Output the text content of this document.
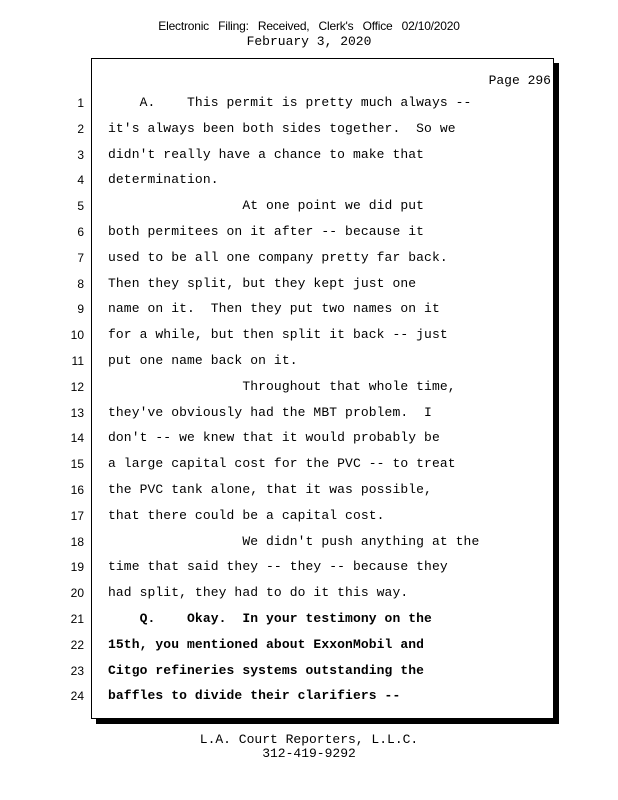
Electronic Filing: Received, Clerk's Office 02/10/2020
February 3, 2020
Page 296
1 A.    This permit is pretty much always --
2 it's always been both sides together.  So we
3 didn't really have a chance to make that
4 determination.
5 At one point we did put
6 both permitees on it after -- because it
7 used to be all one company pretty far back.
8 Then they split, but they kept just one
9 name on it.  Then they put two names on it
10 for a while, but then split it back -- just
11 put one name back on it.
12 Throughout that whole time,
13 they've obviously had the MBT problem.  I
14 don't -- we knew that it would probably be
15 a large capital cost for the PVC -- to treat
16 the PVC tank alone, that it was possible,
17 that there could be a capital cost.
18 We didn't push anything at the
19 time that said they -- they -- because they
20 had split, they had to do it this way.
21 Q.    Okay.  In your testimony on the
22 15th, you mentioned about ExxonMobil and
23 Citgo refineries systems outstanding the
24 baffles to divide their clarifiers --
L.A. Court Reporters, L.L.C.
312-419-9292
